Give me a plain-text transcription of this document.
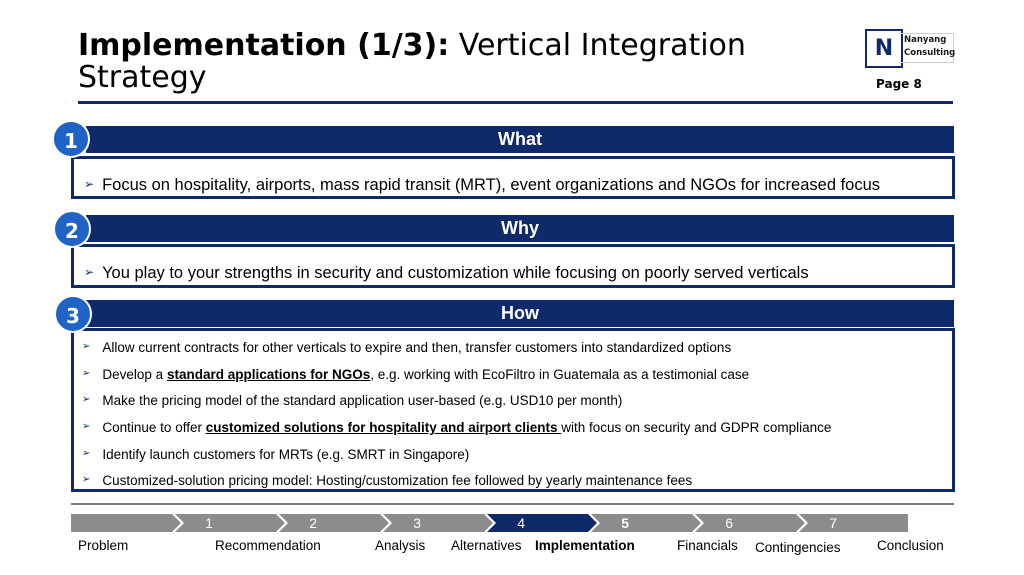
Implementation (1/3): Vertical Integration Strategy
N	Nanyang
Consulting
Page 8
What
➢ Focus on hospitality, airports, mass rapid transit (MRT), event organizations and NGOs for increased focus
1
Why
➢ You play to your strengths in security and customization while focusing on poorly served verticals
2
How
➢ Allow current contracts for other verticals to expire and then, transfer customers into standardized options
➢ Develop a standard applications for NGOs, e.g. working with EcoFiltro in Guatemala as a testimonial case
➢ Make the pricing model of the standard application user-based (e.g. USD10 per month)
➢ Continue to offer customized solutions for hospitality and airport clients with focus on security and GDPR compliance
➢ Identify launch customers for MRTs (e.g. SMRT in Singapore)
➢ Customized-solution pricing model: Hosting/customization fee followed by yearly maintenance fees
3
1	2	3	4	5	6	7	8
Problem	Recommendation	Analysis Alternatives Implementation	Financials Contingencies	Conclusion
